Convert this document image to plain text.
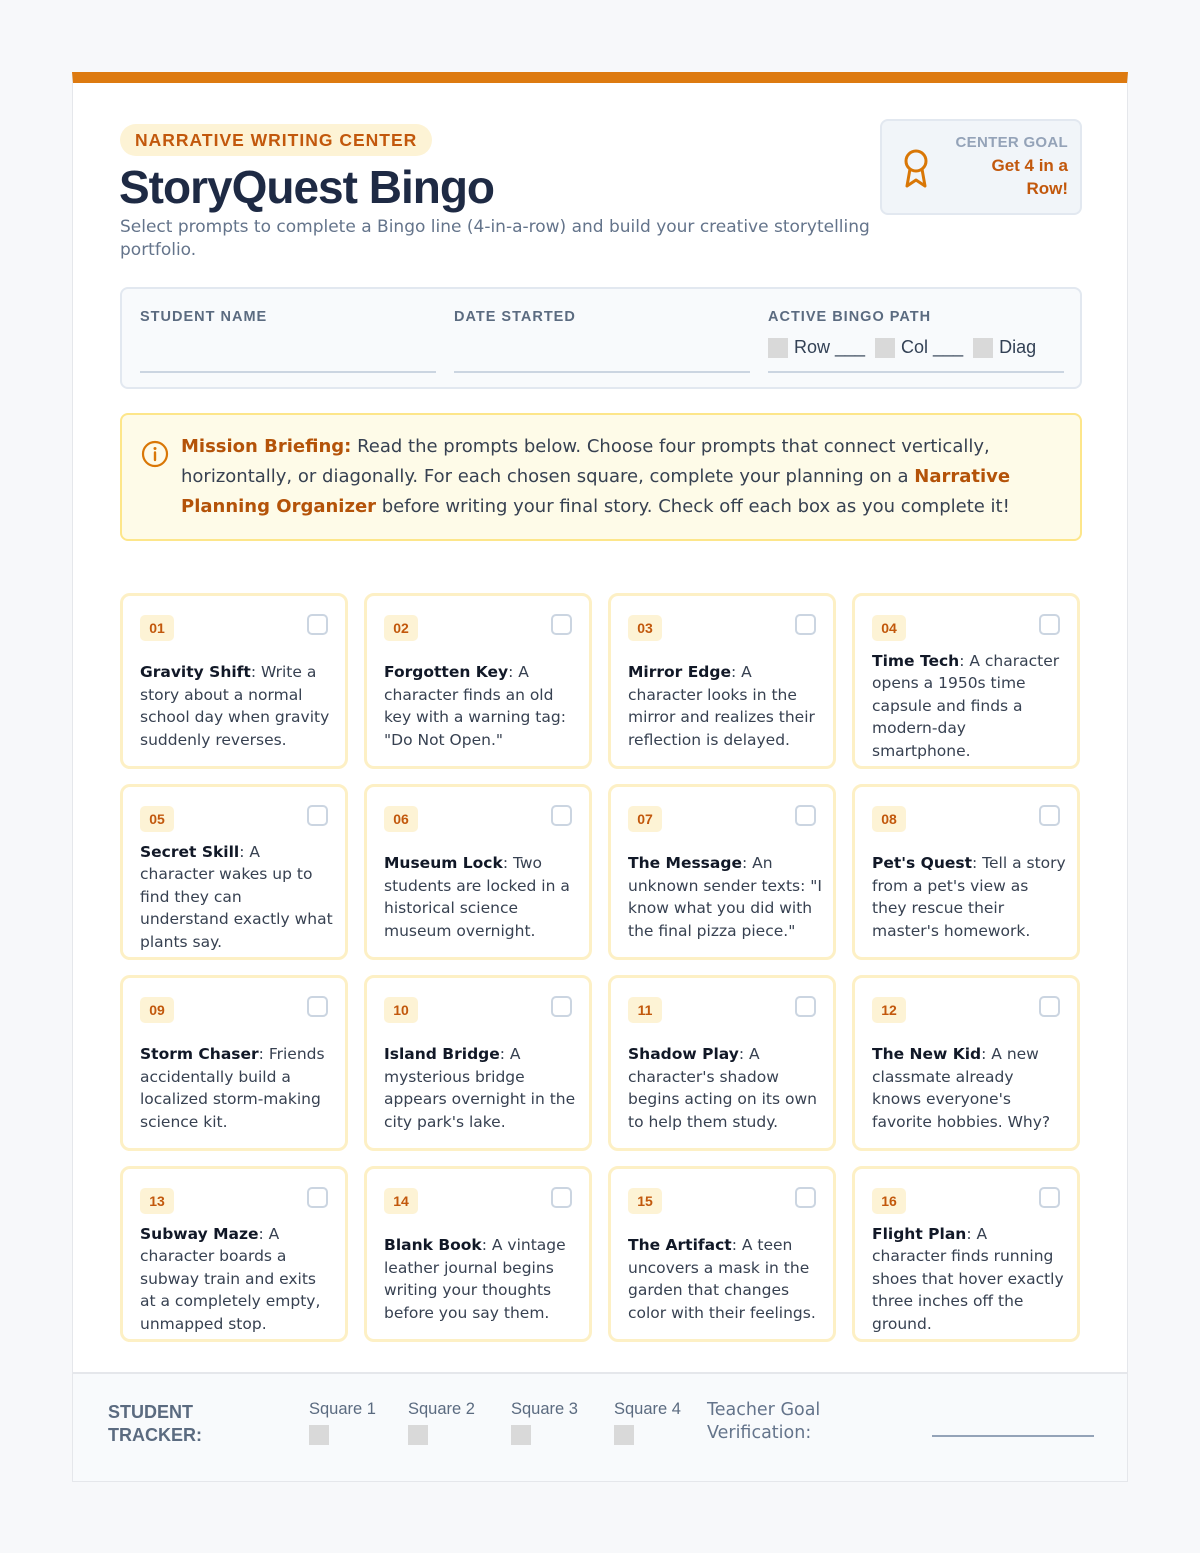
NARRATIVE WRITING CENTER
StoryQuest Bingo
Select prompts to complete a Bingo line (4-in-a-row) and build your creative storytelling portfolio.
CENTER GOAL
Get 4 in a Row!
STUDENT NAME	DATE STARTED	ACTIVE BINGO PATH
Row ___ Col ___ Diag
Mission Briefing: Read the prompts below. Choose four prompts that connect vertically, horizontally, or diagonally. For each chosen square, complete your planning on a Narrative Planning Organizer before writing your final story. Check off each box as you complete it!
01
Gravity Shift: Write a story about a normal school day when gravity suddenly reverses.
02
Forgotten Key: A character finds an old key with a warning tag: "Do Not Open."
03
Mirror Edge: A character looks in the mirror and realizes their reflection is delayed.
04
Time Tech: A character opens a 1950s time capsule and finds a modern-day smartphone.
05
Secret Skill: A character wakes up to find they can understand exactly what plants say.
06
Museum Lock: Two students are locked in a historical science museum overnight.
07
The Message: An unknown sender texts: "I know what you did with the final pizza piece."
08
Pet's Quest: Tell a story from a pet's view as they rescue their master's homework.
09
Storm Chaser: Friends accidentally build a localized storm-making science kit.
10
Island Bridge: A mysterious bridge appears overnight in the city park's lake.
11
Shadow Play: A character's shadow begins acting on its own to help them study.
12
The New Kid: A new classmate already knows everyone's favorite hobbies. Why?
13
Subway Maze: A character boards a subway train and exits at a completely empty, unmapped stop.
14
Blank Book: A vintage leather journal begins writing your thoughts before you say them.
15
The Artifact: A teen uncovers a mask in the garden that changes color with their feelings.
16
Flight Plan: A character finds running shoes that hover exactly three inches off the ground.
STUDENT TRACKER:
Square 1 Square 2 Square 3 Square 4 Teacher Goal Verification:
